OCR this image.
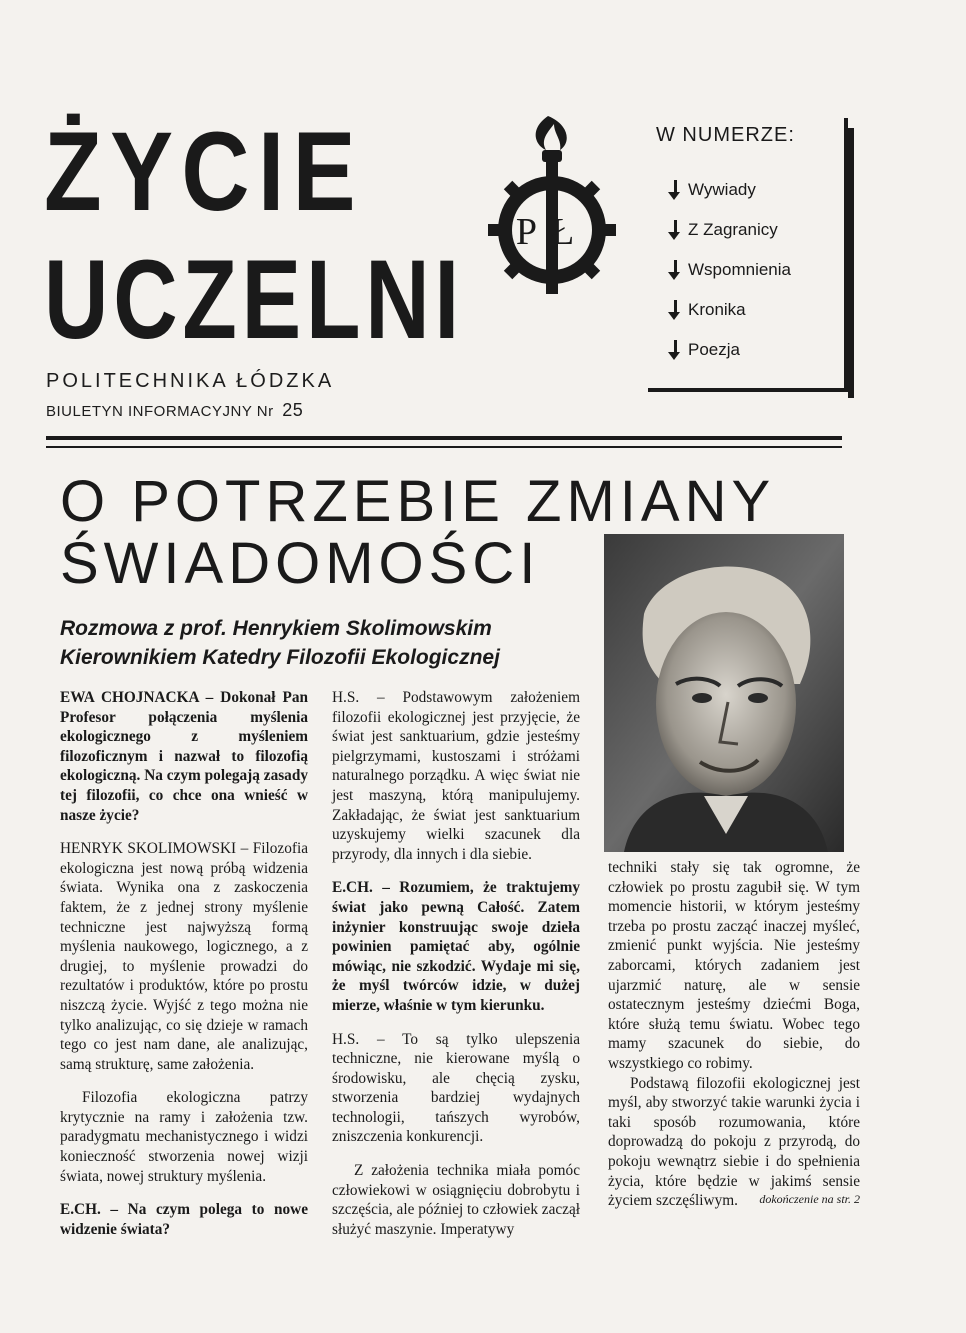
ŻYCIE
UCZELNI
PŁ
POLITECHNIKA ŁÓDZKA
BIULETYN INFORMACYJNY Nr 25
W NUMERZE:
Wywiady
Z Zagranicy
Wspomnienia
Kronika
Poezja
O POTRZEBIE ZMIANY
ŚWIADOMOŚCI
Rozmowa z prof. Henrykiem Skolimowskim
Kierownikiem Katedry Filozofii Ekologicznej

EWA CHOJNACKA – Dokonał Pan Profesor połączenia myślenia ekologicznego z myśleniem filozoficznym i nazwał to filozofią ekologiczną. Na czym polegają zasady tej filozofii, co chce ona wnieść w nasze życie?

HENRYK SKOLIMOWSKI – Filozofia ekologiczna jest nową próbą widzenia świata. Wynika ona z zaskoczenia faktem, że z jednej strony myślenie techniczne jest najwyższą formą myślenia naukowego, logicznego, a z drugiej, to myślenie prowadzi do rezultatów i produktów, które po prostu niszczą życie. Wyjść z tego można nie tylko analizując, co się dzieje w ramach tego co jest nam dane, ale analizując, samą strukturę, same założenia.

Filozofia ekologiczna patrzy krytycznie na ramy i założenia tzw. paradygmatu mechanistycznego i widzi konieczność stworzenia nowej wizji świata, nowej struktury myślenia.

E.CH. – Na czym polega to nowe widzenie świata?

H.S. – Podstawowym założeniem filozofii ekologicznej jest przyjęcie, że świat jest sanktuarium, gdzie jesteśmy pielgrzymami, kustoszami i stróżami naturalnego porządku. A więc świat nie jest maszyną, którą manipulujemy. Zakładając, że świat jest sanktuarium uzyskujemy wielki szacunek dla przyrody, dla innych i dla siebie.

E.CH. – Rozumiem, że traktujemy świat jako pewną Całość. Zatem inżynier konstruując swoje dzieła powinien pamiętać aby, ogólnie mówiąc, nie szkodzić. Wydaje mi się, że myśl twórców idzie, w dużej mierze, właśnie w tym kierunku.

H.S. – To są tylko ulepszenia techniczne, nie kierowane myślą o środowisku, ale chęcią zysku, stworzenia bardziej wydajnych technologii, tańszych wyrobów, zniszczenia konkurencji.

Z założenia technika miała pomóc człowiekowi w osiągnięciu dobrobytu i szczęścia, ale później to człowiek zaczął służyć maszynie. Imperatywy

techniki stały się tak ogromne, że człowiek po prostu zagubił się. W tym momencie historii, w którym jesteśmy trzeba po prostu zacząć inaczej myśleć, zmienić punkt wyjścia. Nie jesteśmy zaborcami, których zadaniem jest ujarzmić naturę, ale w sensie ostatecznym jesteśmy dziećmi Boga, które służą temu światu. Wobec tego mamy szacunek do siebie, do wszystkiego co robimy.

Podstawą filozofii ekologicznej jest myśl, aby stworzyć takie warunki życia i taki sposób rozumowania, które doprowadzą do pokoju z przyrodą, do pokoju wewnątrz siebie i do spełnienia życia, które będzie w jakimś sensie życiem szczęśliwym.	dokończenie na str. 2
